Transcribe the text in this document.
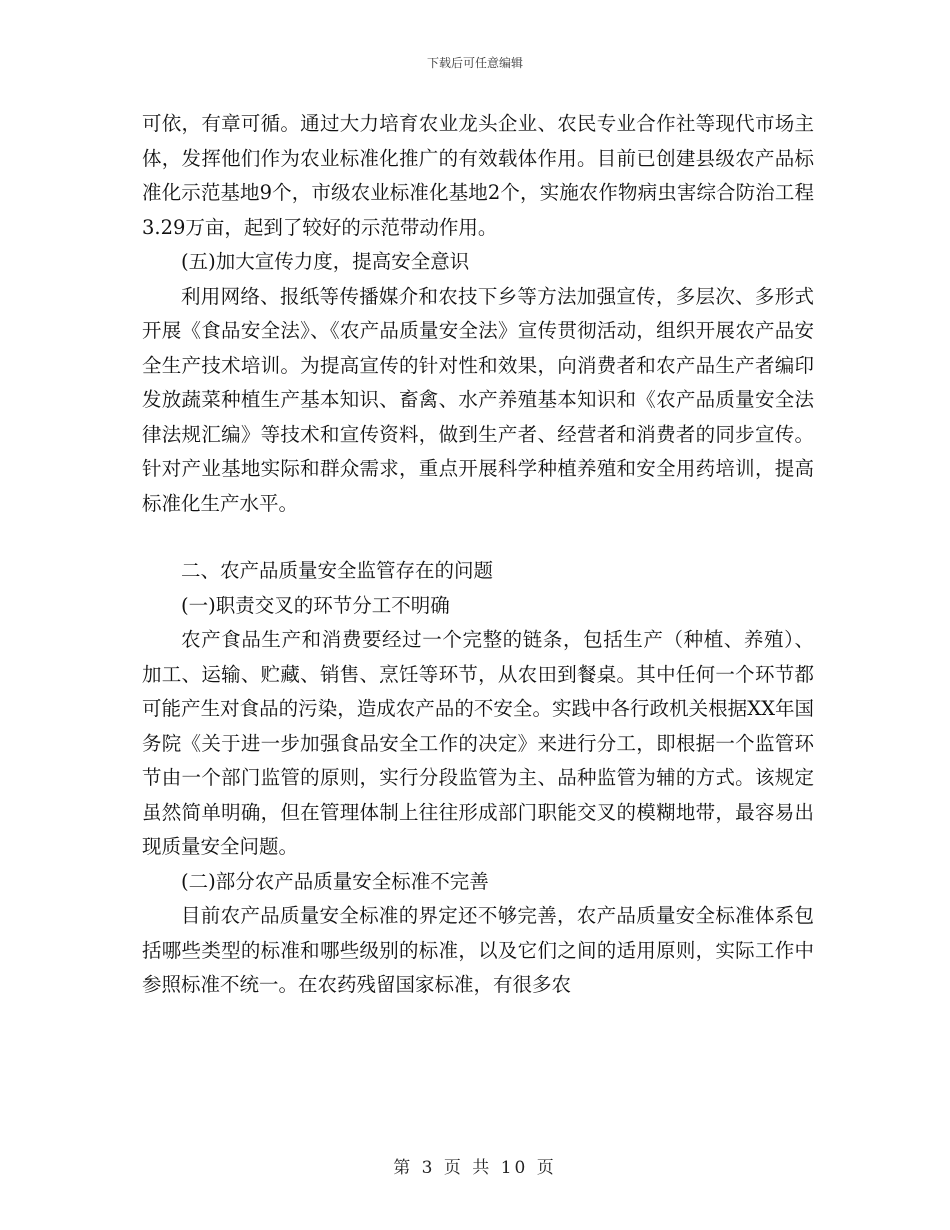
下载后可任意编辑

可依，有章可循。通过大力培育农业龙头企业、农民专业合作社等现代市场主体，发挥他们作为农业标准化推广的有效载体作用。目前已创建县级农产品标准化示范基地9个，市级农业标准化基地2个，实施农作物病虫害综合防治工程3.29万亩，起到了较好的示范带动作用。

(五)加大宣传力度，提高安全意识

利用网络、报纸等传播媒介和农技下乡等方法加强宣传，多层次、多形式开展《食品安全法》、《农产品质量安全法》宣传贯彻活动，组织开展农产品安全生产技术培训。为提高宣传的针对性和效果，向消费者和农产品生产者编印发放蔬菜种植生产基本知识、畜禽、水产养殖基本知识和《农产品质量安全法律法规汇编》等技术和宣传资料，做到生产者、经营者和消费者的同步宣传。针对产业基地实际和群众需求，重点开展科学种植养殖和安全用药培训，提高标准化生产水平。

二、农产品质量安全监管存在的问题

(一)职责交叉的环节分工不明确

农产食品生产和消费要经过一个完整的链条，包括生产（种植、养殖）、加工、运输、贮藏、销售、烹饪等环节，从农田到餐桌。其中任何一个环节都可能产生对食品的污染，造成农产品的不安全。实践中各行政机关根据XX年国务院《关于进一步加强食品安全工作的决定》来进行分工，即根据一个监管环节由一个部门监管的原则，实行分段监管为主、品种监管为辅的方式。该规定虽然简单明确，但在管理体制上往往形成部门职能交叉的模糊地带，最容易出现质量安全问题。

(二)部分农产品质量安全标准不完善

目前农产品质量安全标准的界定还不够完善，农产品质量安全标准体系包括哪些类型的标准和哪些级别的标准，以及它们之间的适用原则，实际工作中参照标准不统一。在农药残留国家标准，有很多农

第 3 页 共 10 页
